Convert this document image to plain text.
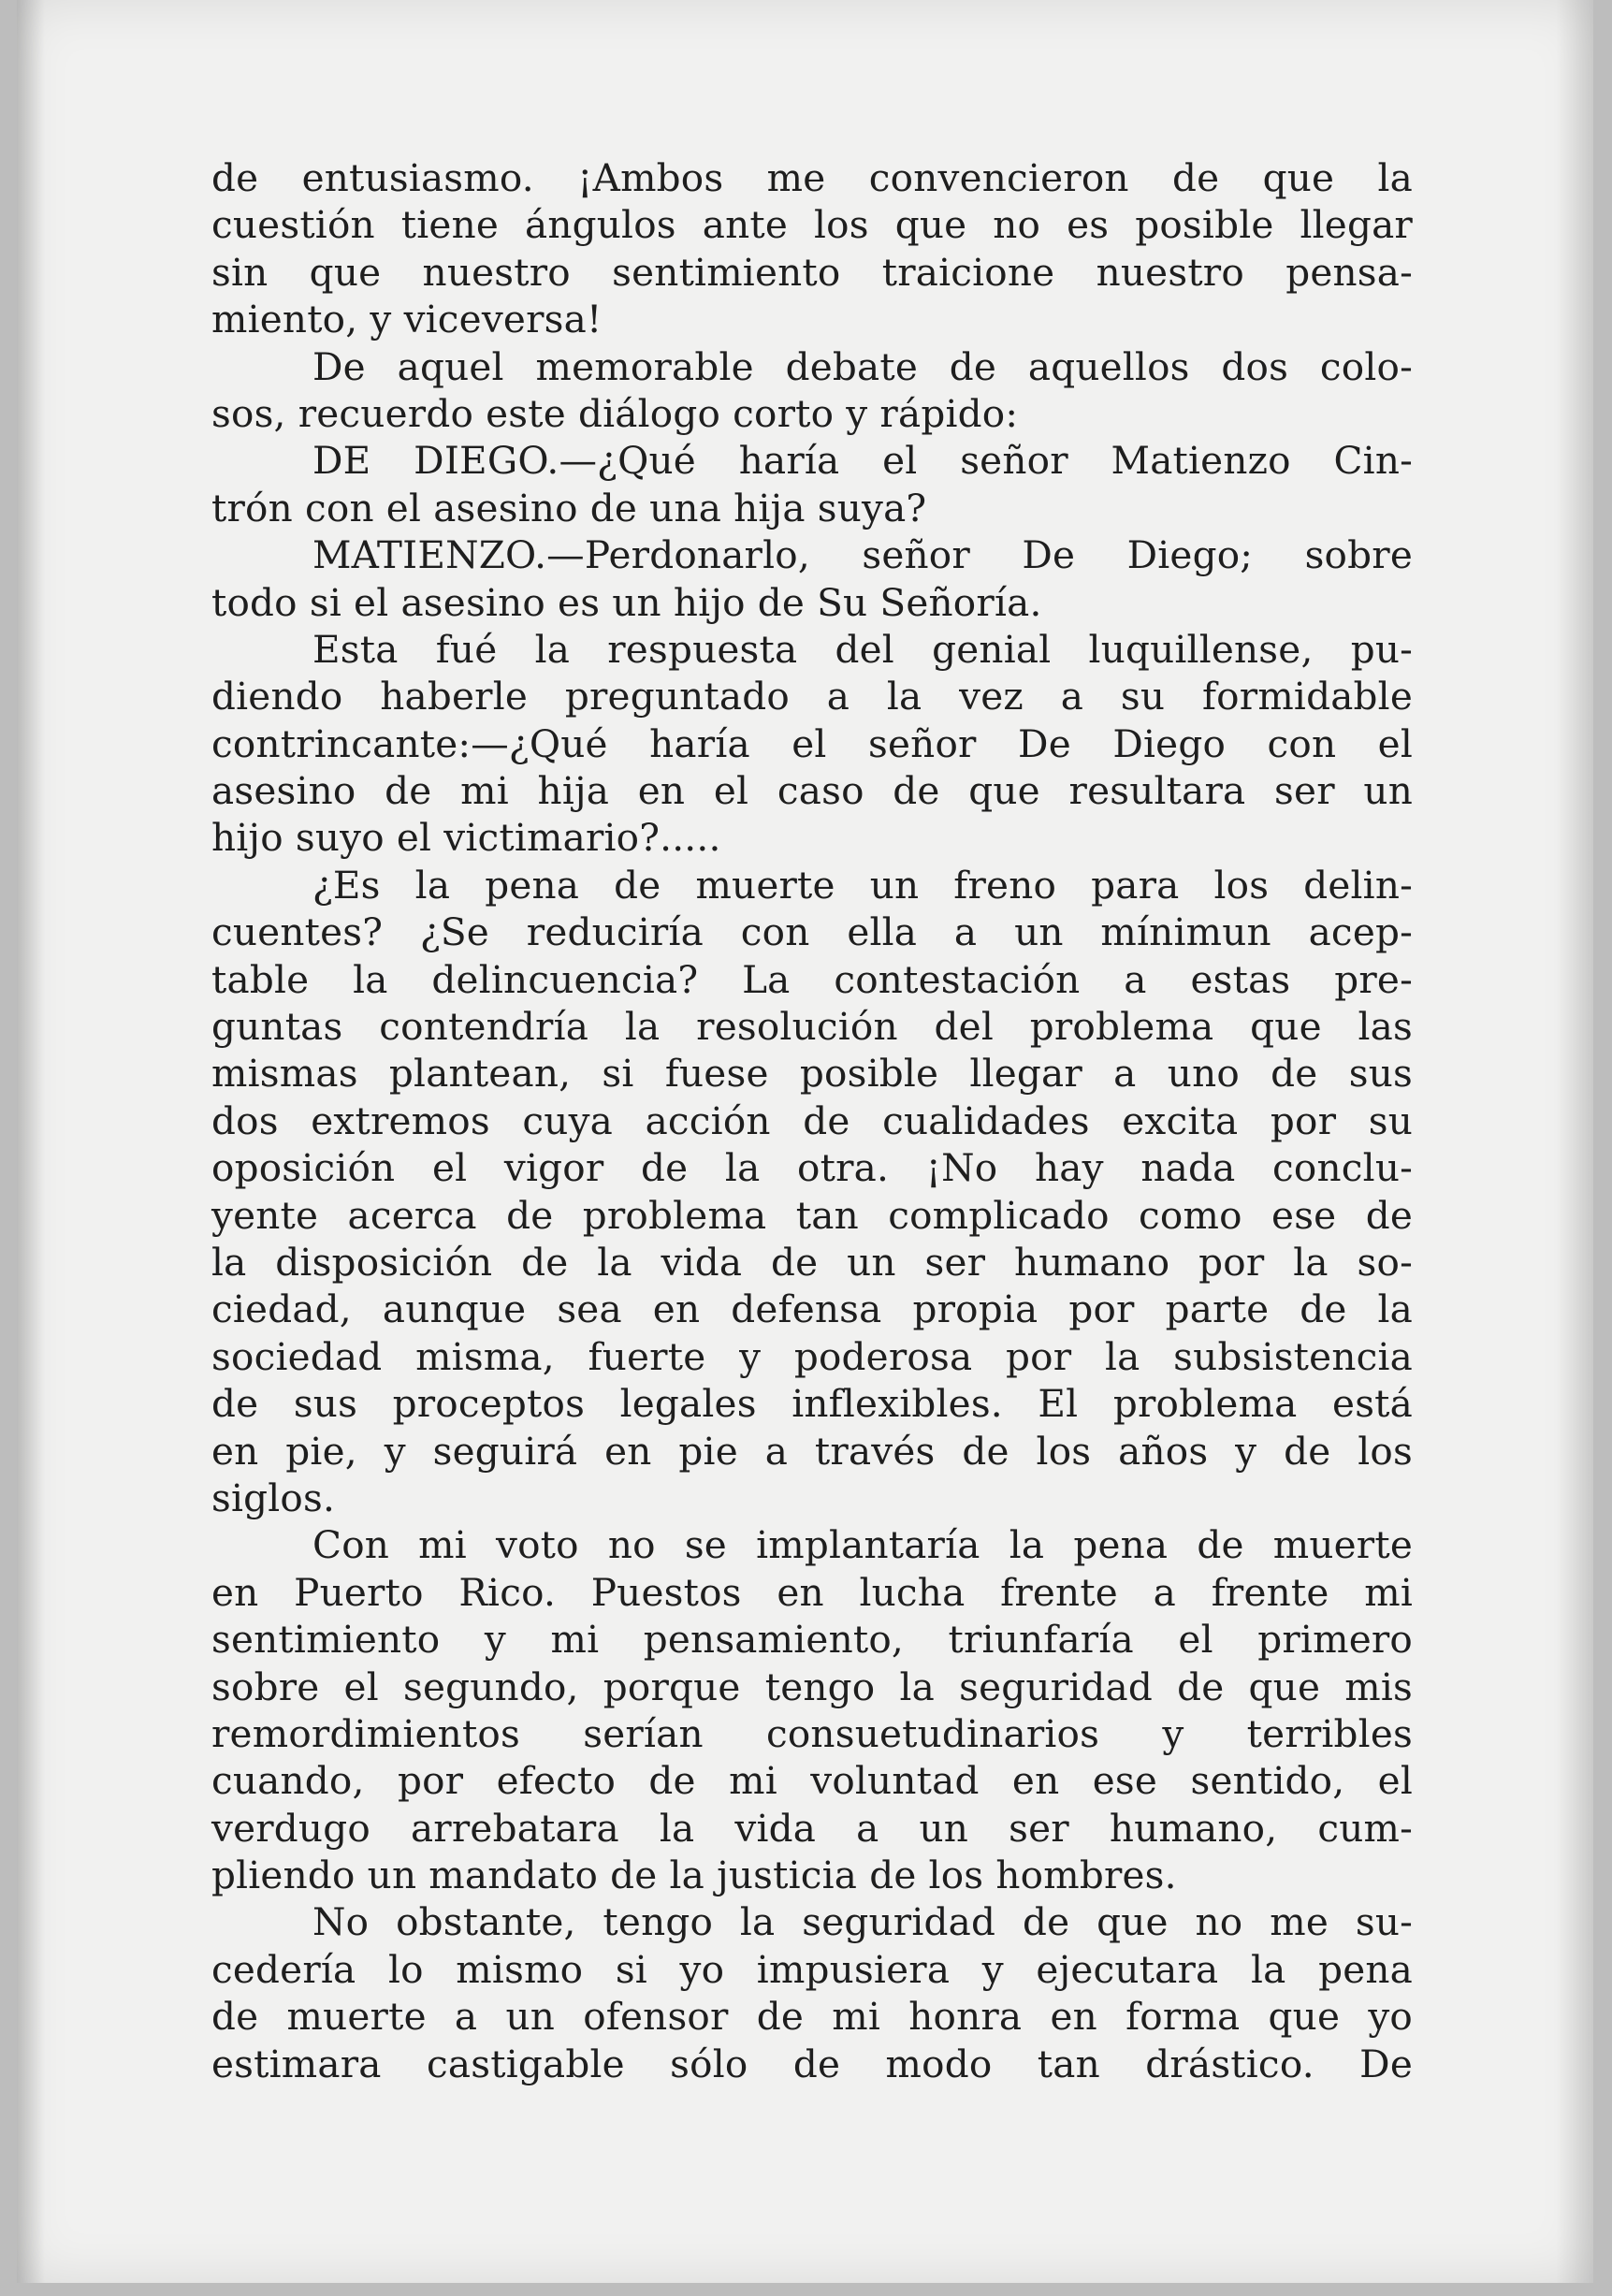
de entusiasmo. ¡Ambos me convencieron de que la
cuestión tiene ángulos ante los que no es posible llegar
sin que nuestro sentimiento traicione nuestro pensa-
miento, y viceversa!
De aquel memorable debate de aquellos dos colo-
sos, recuerdo este diálogo corto y rápido:
DE DIEGO.—¿Qué haría el señor Matienzo Cin-
trón con el asesino de una hija suya?
MATIENZO.—Perdonarlo, señor De Diego; sobre
todo si el asesino es un hijo de Su Señoría.
Esta fué la respuesta del genial luquillense, pu-
diendo haberle preguntado a la vez a su formidable
contrincante:—¿Qué haría el señor De Diego con el
asesino de mi hija en el caso de que resultara ser un
hijo suyo el victimario?.....
¿Es la pena de muerte un freno para los delin-
cuentes? ¿Se reduciría con ella a un mínimun acep-
table la delincuencia? La contestación a estas pre-
guntas contendría la resolución del problema que las
mismas plantean, si fuese posible llegar a uno de sus
dos extremos cuya acción de cualidades excita por su
oposición el vigor de la otra. ¡No hay nada conclu-
yente acerca de problema tan complicado como ese de
la disposición de la vida de un ser humano por la so-
ciedad, aunque sea en defensa propia por parte de la
sociedad misma, fuerte y poderosa por la subsistencia
de sus proceptos legales inflexibles. El problema está
en pie, y seguirá en pie a través de los años y de los
siglos.
Con mi voto no se implantaría la pena de muerte
en Puerto Rico. Puestos en lucha frente a frente mi
sentimiento y mi pensamiento, triunfaría el primero
sobre el segundo, porque tengo la seguridad de que mis
remordimientos serían consuetudinarios y terribles
cuando, por efecto de mi voluntad en ese sentido, el
verdugo arrebatara la vida a un ser humano, cum-
pliendo un mandato de la justicia de los hombres.
No obstante, tengo la seguridad de que no me su-
cedería lo mismo si yo impusiera y ejecutara la pena
de muerte a un ofensor de mi honra en forma que yo
estimara castigable sólo de modo tan drástico. De
